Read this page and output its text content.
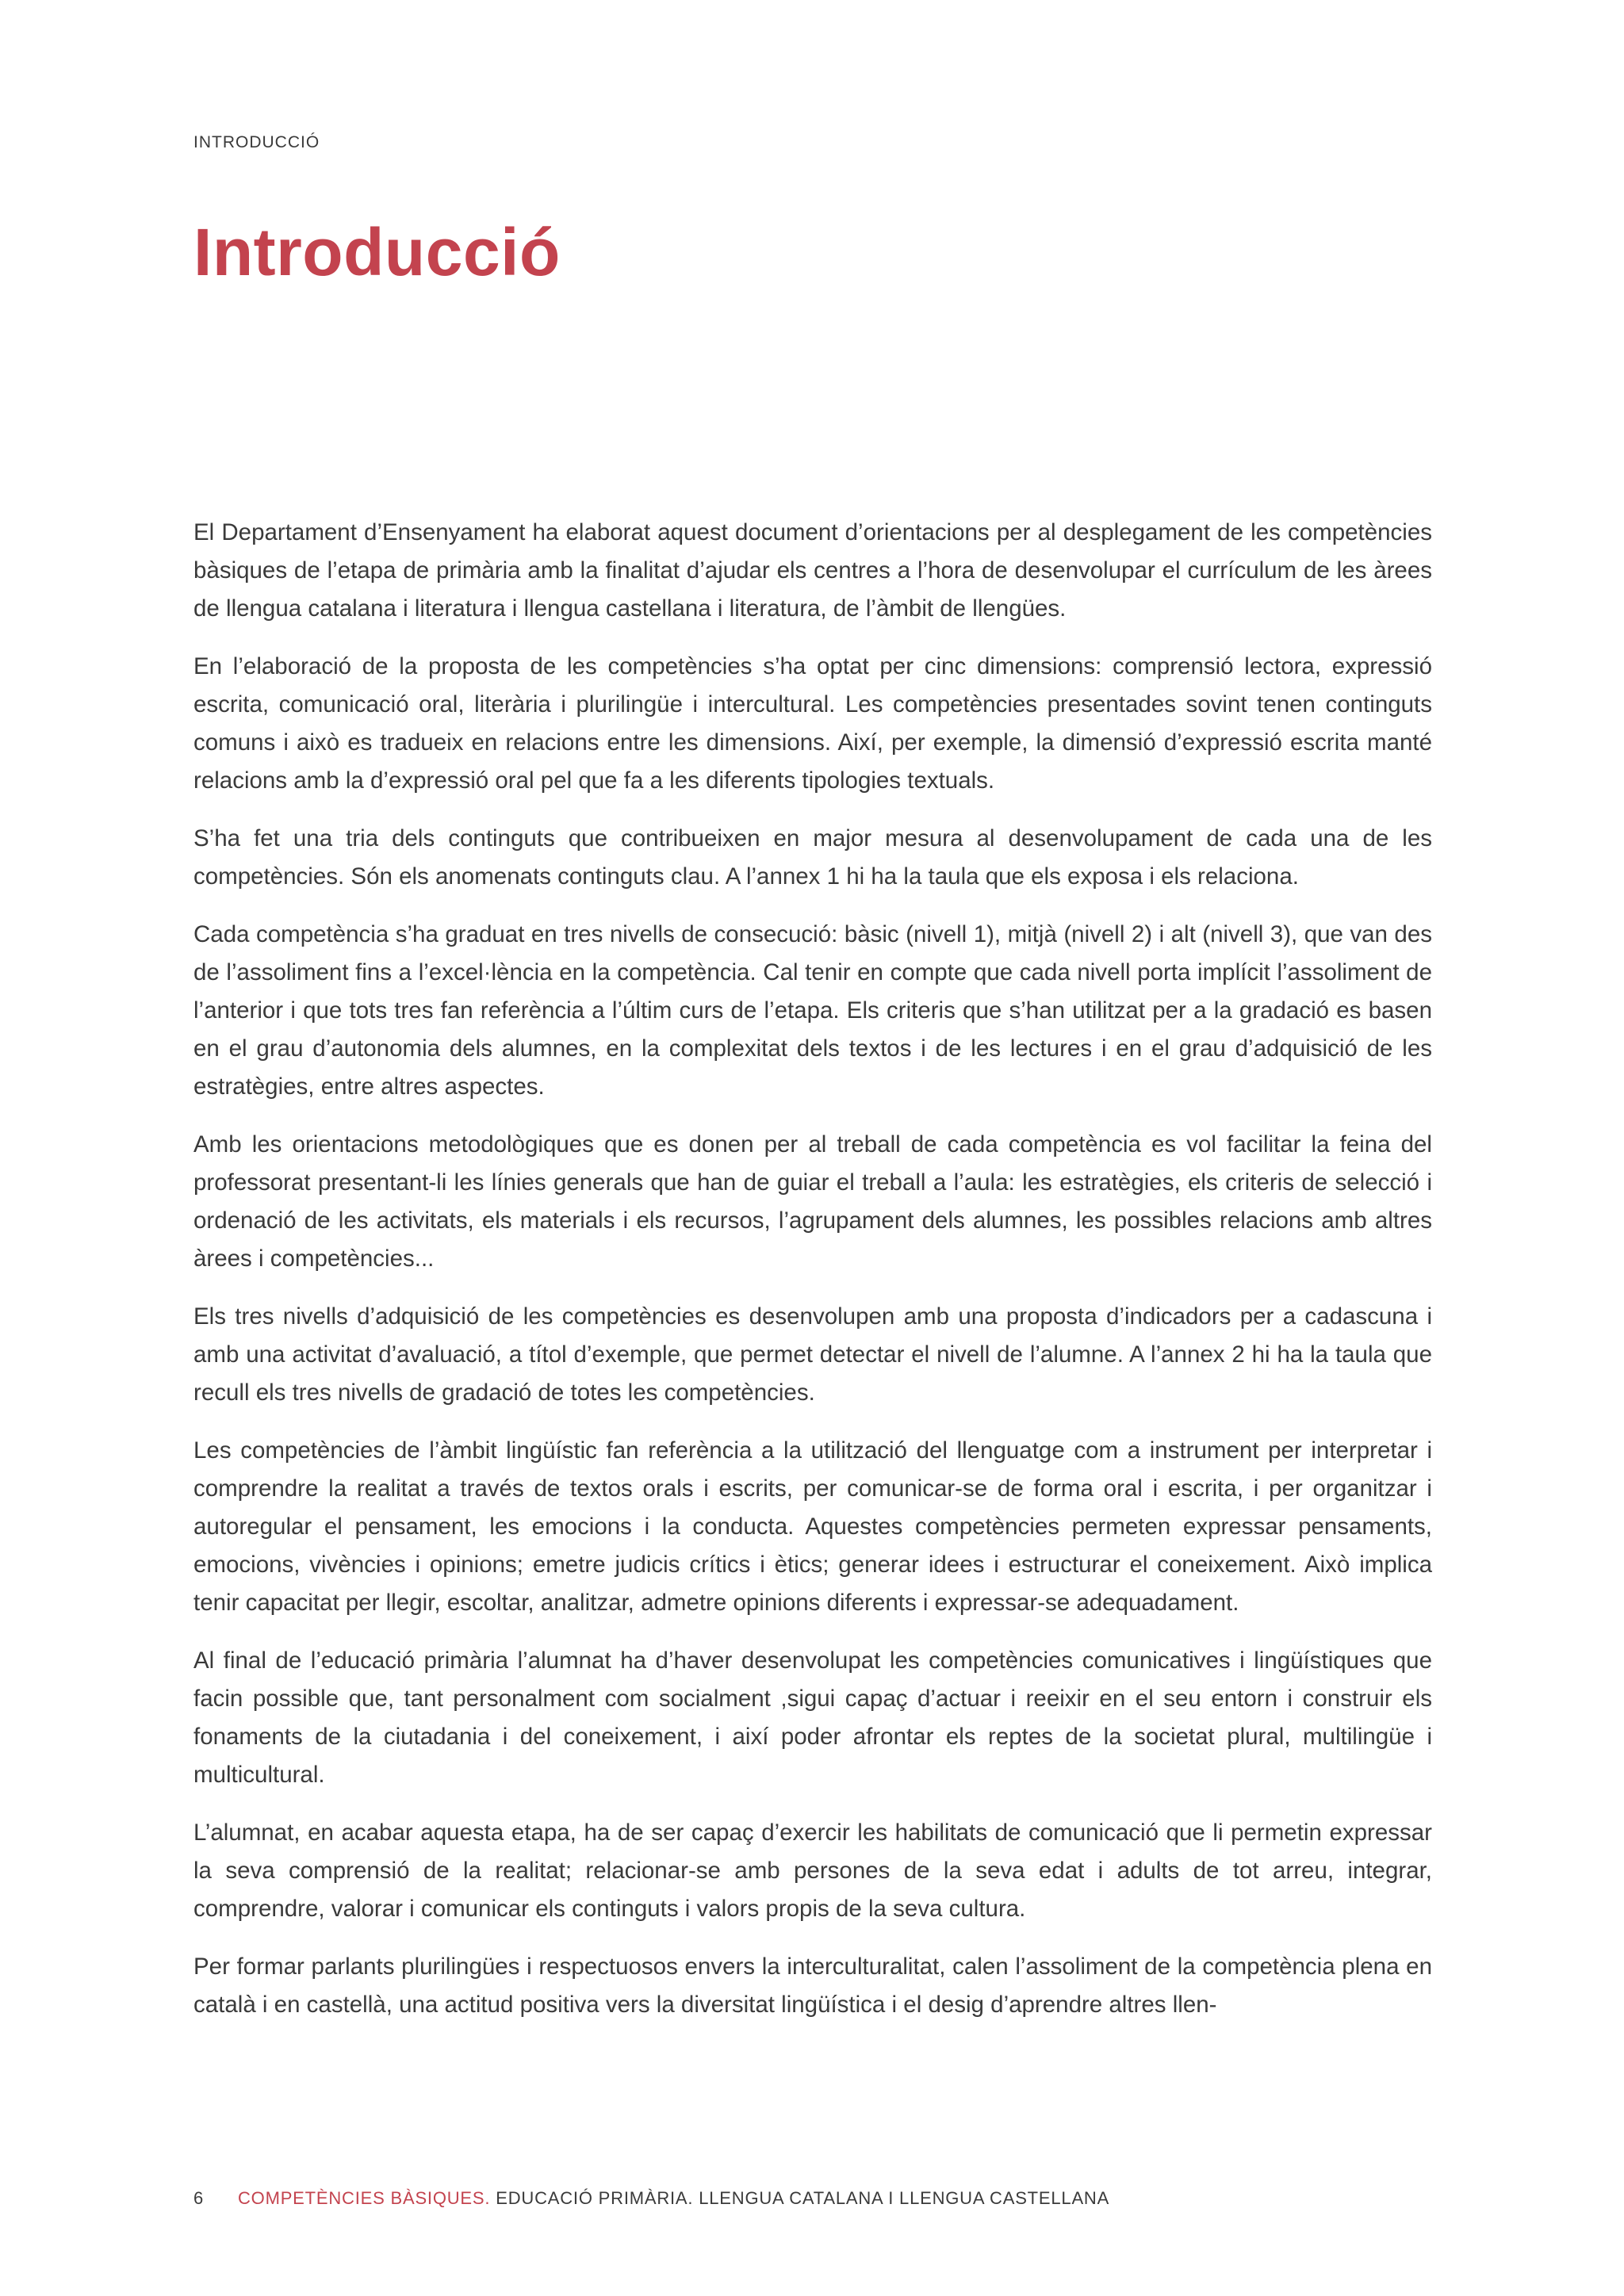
INTRODUCCIÓ
Introducció

El Departament d’Ensenyament ha elaborat aquest document d’orientacions per al desplegament de les competències bàsiques de l’etapa de primària amb la finalitat d’ajudar els centres a l’hora de desenvolupar el currículum de les àrees de llengua catalana i literatura i llengua castellana i literatura, de l’àmbit de llengües.

En l’elaboració de la proposta de les competències s’ha optat per cinc dimensions: comprensió lectora, expressió escrita, comunicació oral, literària i plurilingüe i intercultural. Les competències presentades sovint tenen continguts comuns i això es tradueix en relacions entre les dimensions. Així, per exemple, la dimensió d’expressió escrita manté relacions amb la d’expressió oral pel que fa a les diferents tipologies textuals.

S’ha fet una tria dels continguts que contribueixen en major mesura al desenvolupament de cada una de les competències. Són els anomenats continguts clau. A l’annex 1 hi ha la taula que els exposa i els relaciona.

Cada competència s’ha graduat en tres nivells de consecució: bàsic (nivell 1), mitjà (nivell 2) i alt (nivell 3), que van des de l’assoliment fins a l’excel·lència en la competència. Cal tenir en compte que cada nivell porta implícit l’assoliment de l’anterior i que tots tres fan referència a l’últim curs de l’etapa. Els criteris que s’han utilitzat per a la gradació es basen en el grau d’autonomia dels alumnes, en la complexitat dels textos i de les lectures i en el grau d’adquisició de les estratègies, entre altres aspectes.

Amb les orientacions metodològiques que es donen per al treball de cada competència es vol facilitar la feina del professorat presentant-li les línies generals que han de guiar el treball a l’aula: les estratègies, els criteris de selecció i ordenació de les activitats, els materials i els recursos, l’agrupament dels alumnes, les possibles relacions amb altres àrees i competències...

Els tres nivells d’adquisició de les competències es desenvolupen amb una proposta d’indicadors per a cadascuna i amb una activitat d’avaluació, a títol d’exemple, que permet detectar el nivell de l’alumne. A l’annex 2 hi ha la taula que recull els tres nivells de gradació de totes les competències.

Les competències de l’àmbit lingüístic fan referència a la utilització del llenguatge com a instrument per interpretar i comprendre la realitat a través de textos orals i escrits, per comunicar-se de forma oral i escrita, i per organitzar i autoregular el pensament, les emocions i la conducta. Aquestes competències permeten expressar pensaments, emocions, vivències i opinions; emetre judicis crítics i ètics; generar idees i estructurar el coneixement. Això implica tenir capacitat per llegir, escoltar, analitzar, admetre opinions diferents i expressar-se adequadament.

Al final de l’educació primària l’alumnat ha d’haver desenvolupat les competències comunicatives i lingüístiques que facin possible que, tant personalment com socialment ,sigui capaç d’actuar i reeixir en el seu entorn i construir els fonaments de la ciutadania i del coneixement, i així poder afrontar els reptes de la societat plural, multilingüe i multicultural.

L’alumnat, en acabar aquesta etapa, ha de ser capaç d’exercir les habilitats de comunicació que li permetin expressar la seva comprensió de la realitat; relacionar-se amb persones de la seva edat i adults de tot arreu, integrar, comprendre, valorar i comunicar els continguts i valors propis de la seva cultura.

Per formar parlants plurilingües i respectuosos envers la interculturalitat, calen l’assoliment de la competència plena en català i en castellà, una actitud positiva vers la diversitat lingüística i el desig d’aprendre altres llen-

6 COMPETÈNCIES BÀSIQUES. EDUCACIÓ PRIMÀRIA. LLENGUA CATALANA I LLENGUA CASTELLANA
